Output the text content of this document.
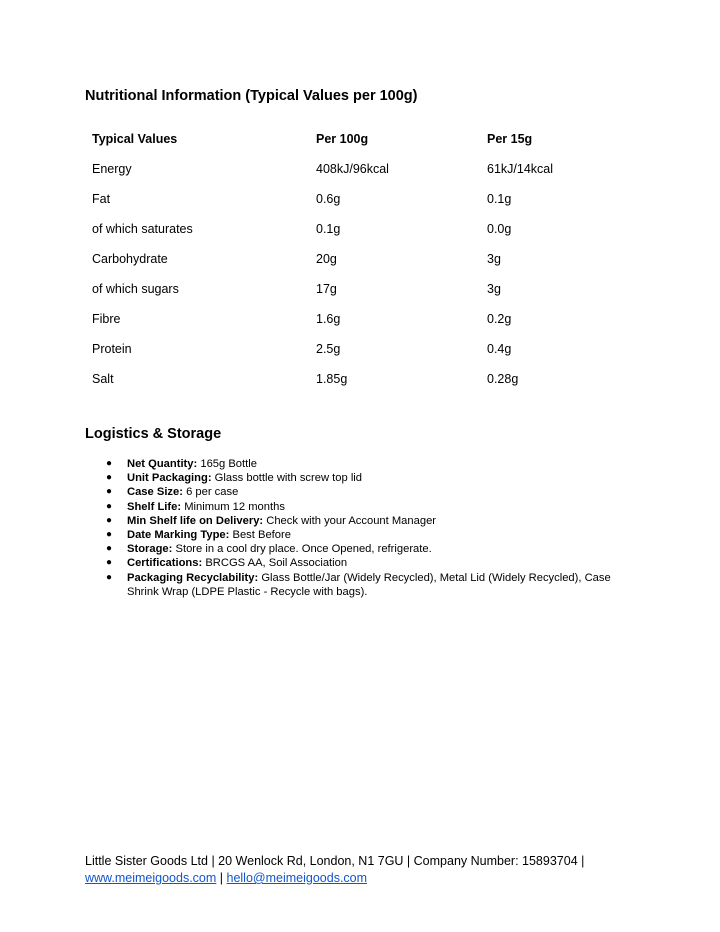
Nutritional Information (Typical Values per 100g)
Typical Values	Per 100g	Per 15g
Energy	408kJ/96kcal	61kJ/14kcal
Fat	0.6g	0.1g
of which saturates	0.1g	0.0g
Carbohydrate	20g	3g
of which sugars	17g	3g
Fibre	1.6g	0.2g
Protein	2.5g	0.4g
Salt	1.85g	0.28g
Logistics & Storage
● Net Quantity: 165g Bottle
● Unit Packaging: Glass bottle with screw top lid
● Case Size: 6 per case
● Shelf Life: Minimum 12 months
● Min Shelf life on Delivery: Check with your Account Manager
● Date Marking Type: Best Before
● Storage: Store in a cool dry place. Once Opened, refrigerate.
● Certifications: BRCGS AA, Soil Association
● Packaging Recyclability: Glass Bottle/Jar (Widely Recycled), Metal Lid (Widely Recycled), Case Shrink Wrap (LDPE Plastic - Recycle with bags).
Little Sister Goods Ltd | 20 Wenlock Rd, London, N1 7GU | Company Number: 15893704 |
www.meimeigoods.com | hello@meimeigoods.com
